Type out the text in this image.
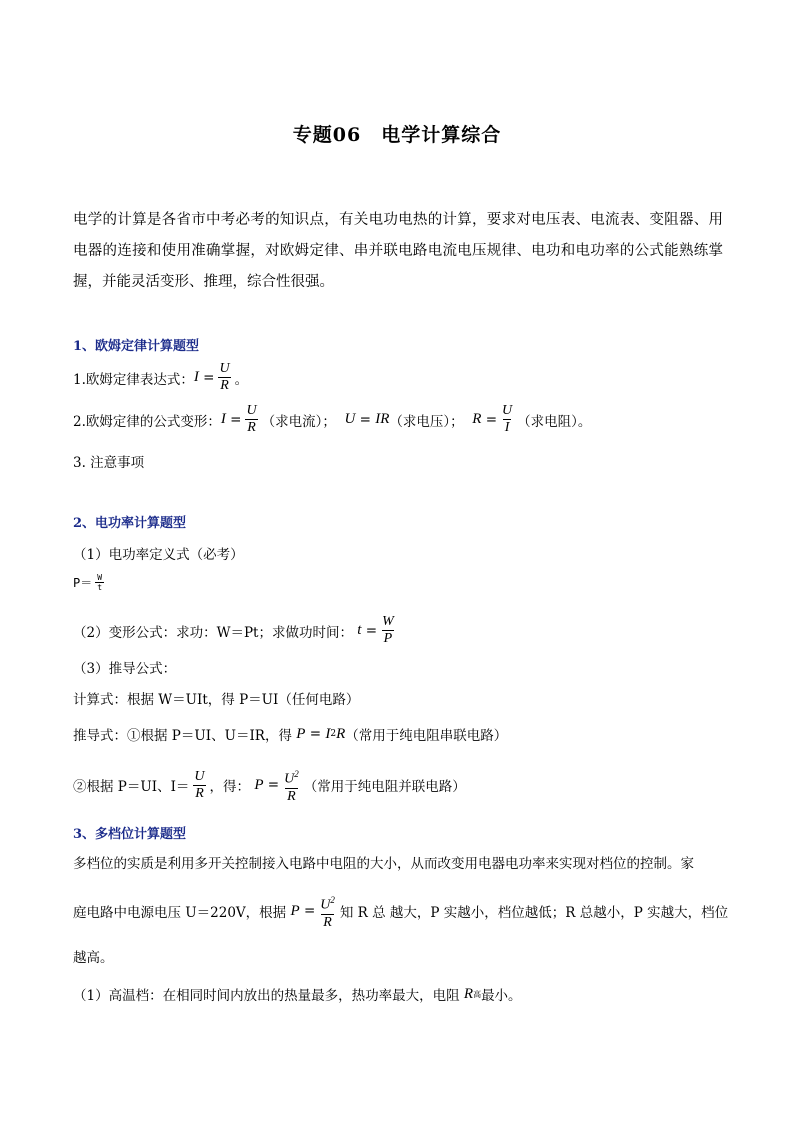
专题06　电学计算综合
电学的计算是各省市中考必考的知识点，有关电功电热的计算，要求对电压表、电流表、变阻器、用电器的连接和使用准确掌握，对欧姆定律、串并联电路电流电压规律、电功和电功率的公式能熟练掌握，并能灵活变形、推理，综合性很强。
1、欧姆定律计算题型
1.欧姆定律表达式： $I = \frac{U}{R}$ 。
2.欧姆定律的公式变形： $I = \frac{U}{R}$ （求电流）；
U = IR （求电压）；
$R = \frac{U}{I}$ （求电阻）。
3. 注意事项
2、电功率计算题型
（1）电功率定义式（必考）
$P= \frac{W}{t}$
（2）变形公式：求功：W＝Pt；求做功时间：
$t = \frac{W}{P}$
（3）推导公式：
计算式：根据 W＝UIt，得 P＝UI（任何电路）
推导式：①根据 P＝UI、U＝IR，得
P = I 2 R （常用于纯电阻串联电路）
②根据 P＝UI、$I= \frac{U}{R}$ ，得：
$P = \frac{U^2}{R}$ （常用于纯电阻并联电路）
3、多档位计算题型
多档位的实质是利用多开关控制接入电路中电阻的大小，从而改变用电器电功率来实现对档位的控制。家
庭电路中电源电压 U＝220V，根据
$P = \frac{U^2}{R}$ 知 R 总 越大，P 实越小，档位越低；R 总越小，P 实越大，档位
越高。
（1）高温档：在相同时间内放出的热量最多，热功率最大，电阻
R 高 最小。
